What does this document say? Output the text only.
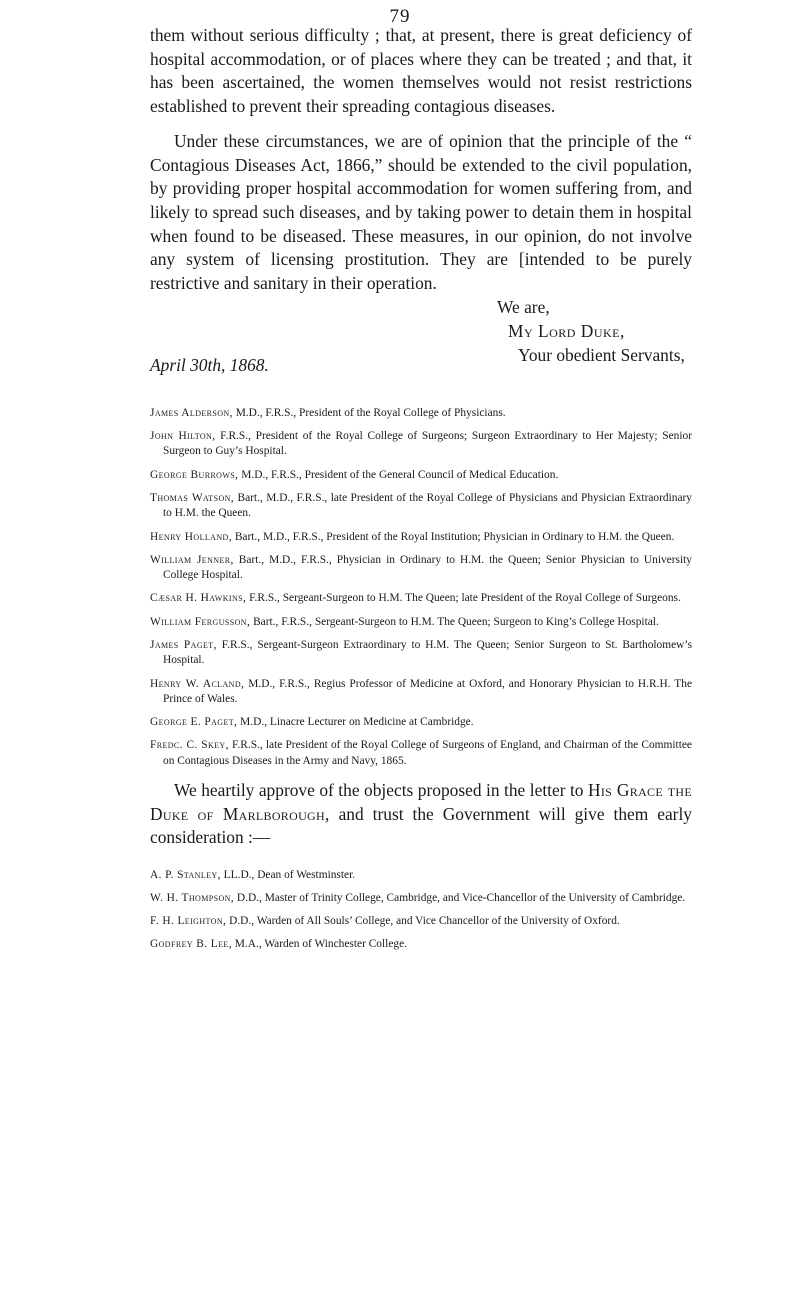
79

them without serious difficulty ; that, at present, there is great deficiency of hospital accommodation, or of places where they can be treated ; and that, it has been ascertained, the women themselves would not resist restrictions established to prevent their spreading contagious diseases.

Under these circumstances, we are of opinion that the principle of the “ Contagious Diseases Act, 1866,” should be extended to the civil population, by providing proper hospital accommodation for women suffering from, and likely to spread such diseases, and by taking power to detain them in hospital when found to be diseased. These measures, in our opinion, do not involve any system of licensing prostitution. They are [intended to be purely restrictive and sanitary in their operation.

We are,
My Lord Duke,
Your obedient Servants,
April 30th, 1868.
James Alderson, M.D., F.R.S., President of the Royal College of Physicians.
John Hilton, F.R.S., President of the Royal College of Surgeons; Surgeon Extraordinary to Her Majesty; Senior Surgeon to Guy’s Hospital.
George Burrows, M.D., F.R.S., President of the General Council of Medical Education.
Thomas Watson, Bart., M.D., F.R.S., late President of the Royal College of Physicians and Physician Extraordinary to H.M. the Queen.
Henry Holland, Bart., M.D., F.R.S., President of the Royal Institution; Physician in Ordinary to H.M. the Queen.
William Jenner, Bart., M.D., F.R.S., Physician in Ordinary to H.M. the Queen; Senior Physician to University College Hospital.
Cæsar H. Hawkins, F.R.S., Sergeant-Surgeon to H.M. The Queen; late President of the Royal College of Surgeons.
William Fergusson, Bart., F.R.S., Sergeant-Surgeon to H.M. The Queen; Surgeon to King’s College Hospital.
James Paget, F.R.S., Sergeant-Surgeon Extraordinary to H.M. The Queen; Senior Surgeon to St. Bartholomew’s Hospital.
Henry W. Acland, M.D., F.R.S., Regius Professor of Medicine at Oxford, and Honorary Physician to H.R.H. The Prince of Wales.
George E. Paget, M.D., Linacre Lecturer on Medicine at Cambridge.
Fredc. C. Skey, F.R.S., late President of the Royal College of Surgeons of England, and Chairman of the Committee on Contagious Diseases in the Army and Navy, 1865.

We heartily approve of the objects proposed in the letter to His Grace the Duke of Marlborough, and trust the Government will give them early consideration :—

A. P. Stanley, LL.D., Dean of Westminster.
W. H. Thompson, D.D., Master of Trinity College, Cambridge, and Vice-Chancellor of the University of Cambridge.
F. H. Leighton, D.D., Warden of All Souls’ College, and Vice Chancellor of the University of Oxford.
Godfrey B. Lee, M.A., Warden of Winchester College.
